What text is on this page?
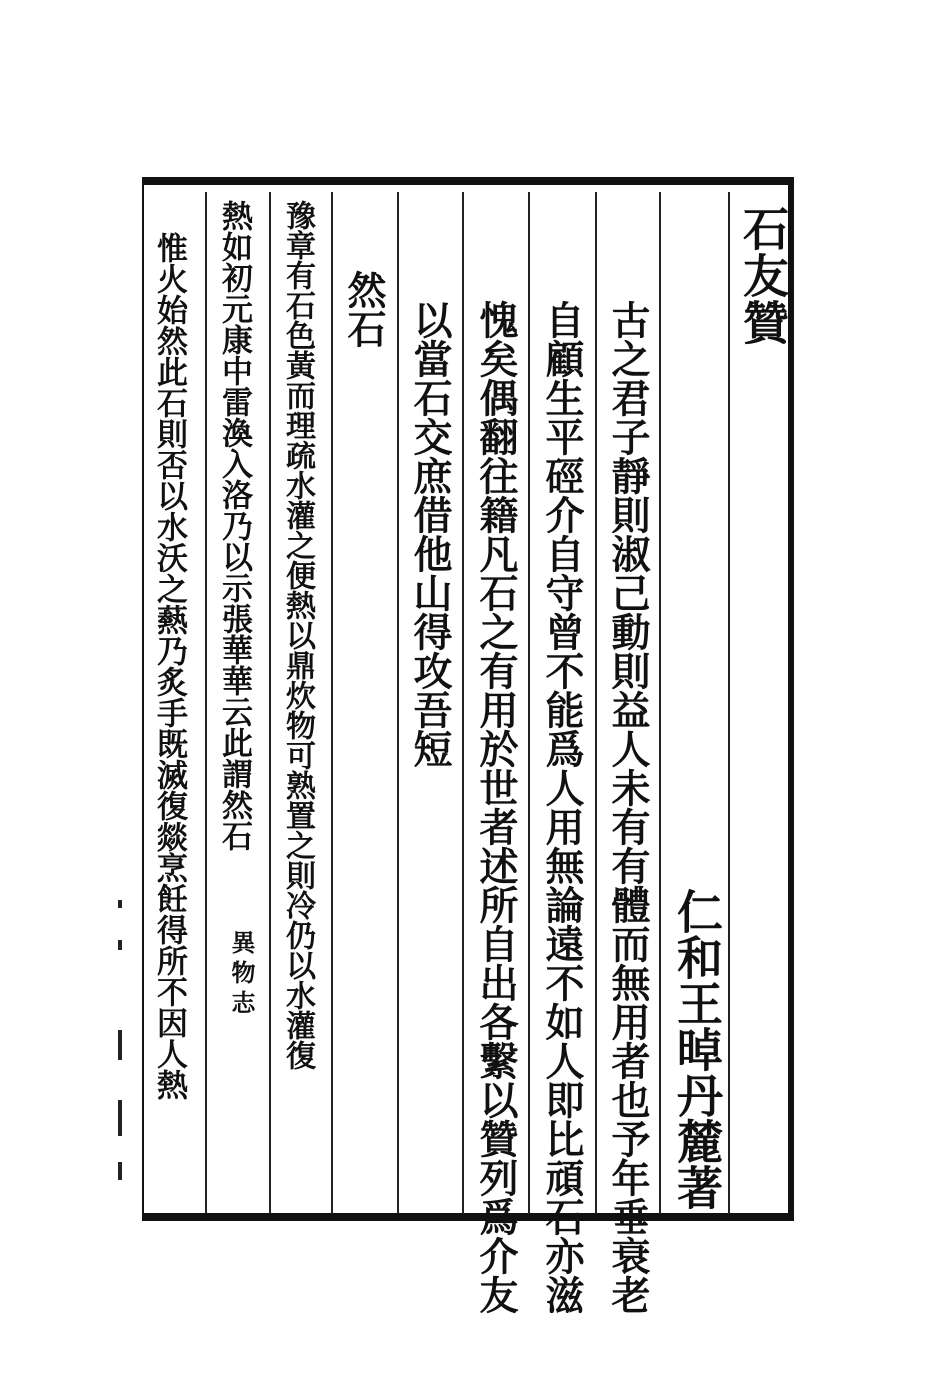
石友贊
仁和王晫丹麓著
古之君子靜則淑己動則益人未有有體而無用者也予年垂衰老
自顧生平硜介自守曾不能爲人用無論遠不如人即比頑石亦滋
愧矣偶翻往籍凡石之有用於世者述所自出各繫以贊列爲介友
以當石交庶借他山得攻吾短
然石
豫章有石色黃而理疏水灌之便熱以鼎炊物可熟置之則冷仍以水灌復
熱如初元康中雷渙入洛乃以示張華華云此謂然石
異物志
惟火始然此石則否以水沃之爇乃炙手既滅復燚烹飪得所不因人熱
